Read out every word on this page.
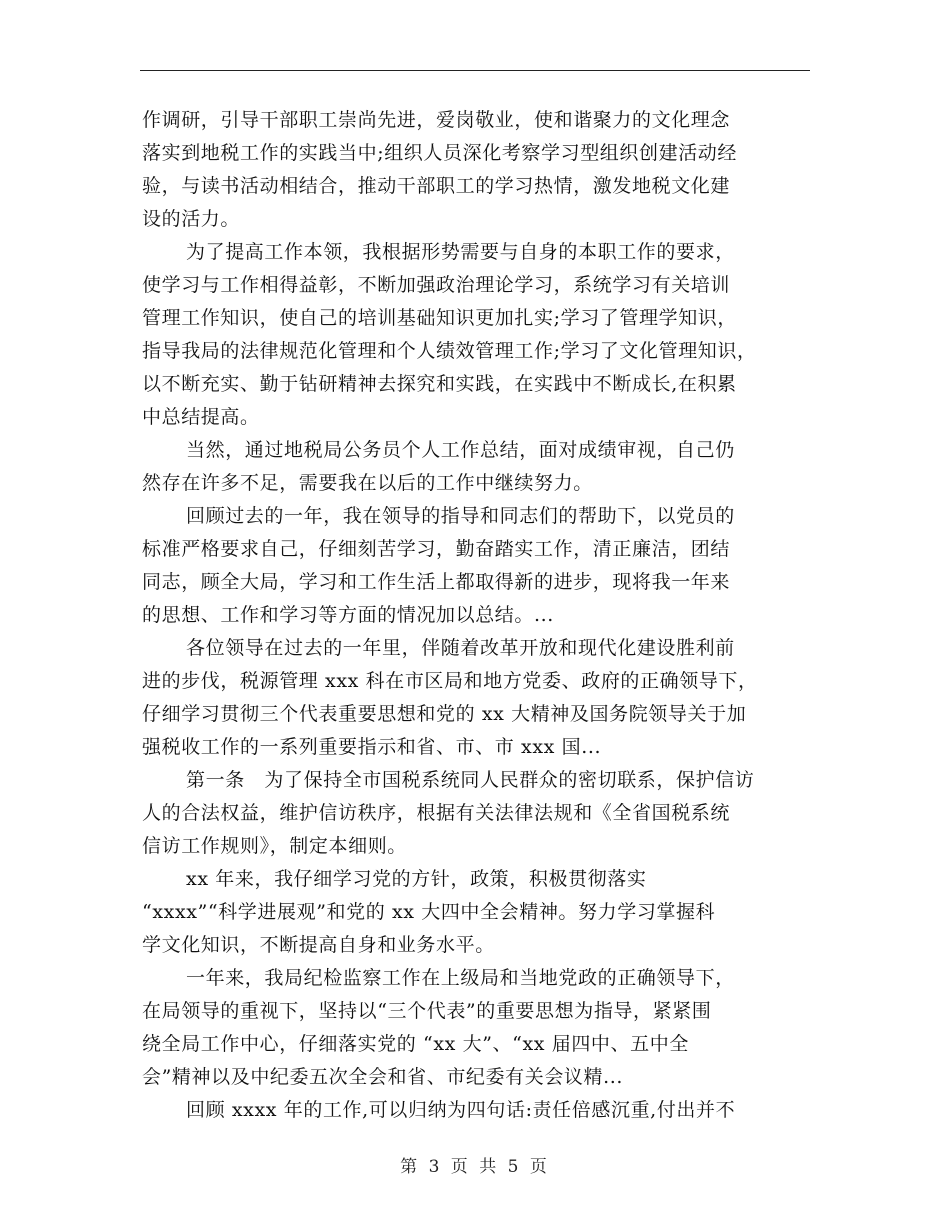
作调研，引导干部职工崇尚先进，爱岗敬业，使和谐聚力的文化理念
落实到地税工作的实践当中;组织人员深化考察学习型组织创建活动经
验，与读书活动相结合，推动干部职工的学习热情，激发地税文化建
设的活力。
为了提高工作本领，我根据形势需要与自身的本职工作的要求，
使学习与工作相得益彰，不断加强政治理论学习，系统学习有关培训
管理工作知识，使自己的培训基础知识更加扎实;学习了管理学知识，
指导我局的法律规范化管理和个人绩效管理工作;学习了文化管理知识，
以不断充实、勤于钻研精神去探究和实践，在实践中不断成长,在积累
中总结提高。
当然，通过地税局公务员个人工作总结，面对成绩审视，自己仍
然存在许多不足，需要我在以后的工作中继续努力。
回顾过去的一年，我在领导的指导和同志们的帮助下，以党员的
标准严格要求自己，仔细刻苦学习，勤奋踏实工作，清正廉洁，团结
同志，顾全大局，学习和工作生活上都取得新的进步，现将我一年来
的思想、工作和学习等方面的情况加以总结。...
各位领导在过去的一年里，伴随着改革开放和现代化建设胜利前
进的步伐，税源管理 xxx 科在市区局和地方党委、政府的正确领导下，
仔细学习贯彻三个代表重要思想和党的 xx 大精神及国务院领导关于加
强税收工作的一系列重要指示和省、市、市 xxx 国...
第一条　为了保持全市国税系统同人民群众的密切联系，保护信访
人的合法权益，维护信访秩序，根据有关法律法规和《全省国税系统
信访工作规则》，制定本细则。
xx 年来，我仔细学习党的方针，政策，积极贯彻落实
“xxxx”“科学进展观”和党的 xx 大四中全会精神。努力学习掌握科
学文化知识，不断提高自身和业务水平。
一年来，我局纪检监察工作在上级局和当地党政的正确领导下，
在局领导的重视下，坚持以“三个代表”的重要思想为指导，紧紧围
绕全局工作中心，仔细落实党的 “xx 大”、“xx 届四中、五中全
会”精神以及中纪委五次全会和省、市纪委有关会议精...
回顾 xxxx 年的工作,可以归纳为四句话:责任倍感沉重,付出并不
第 3 页 共 5 页
